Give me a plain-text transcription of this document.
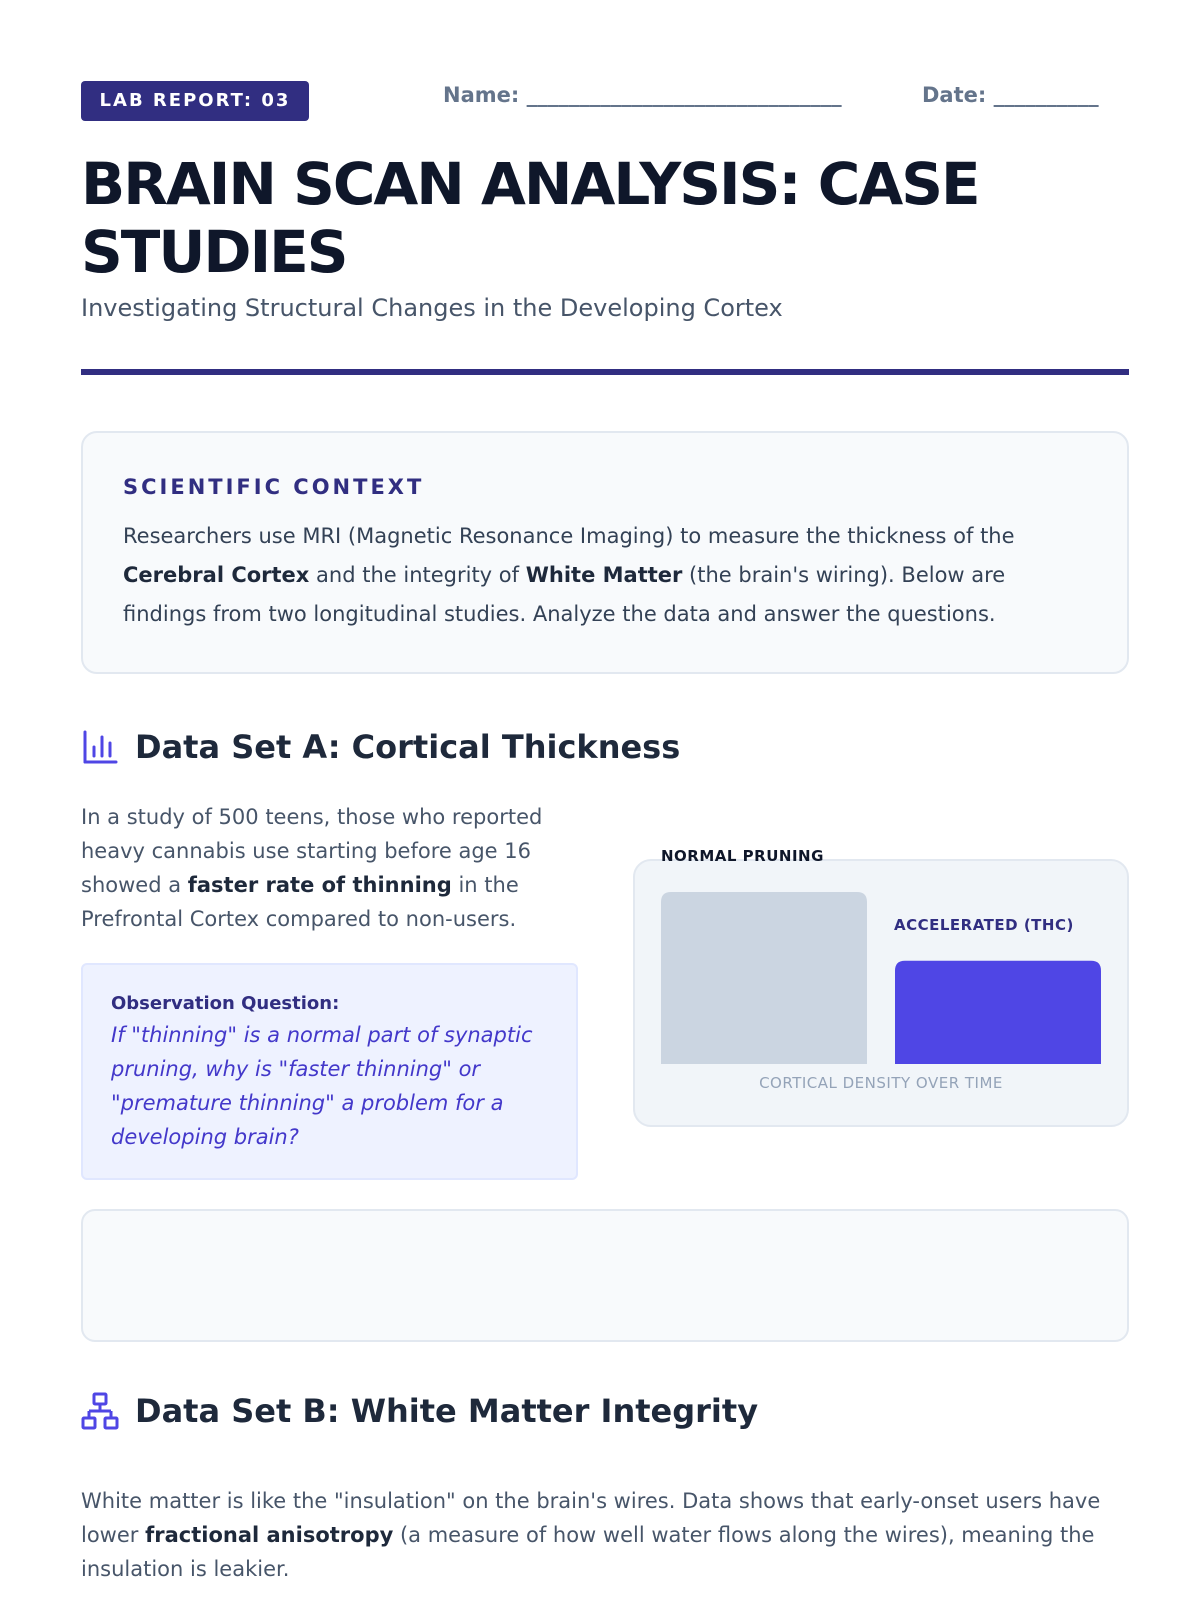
LAB REPORT: 03	Name: ______________________________	Date: __________
BRAIN SCAN ANALYSIS: CASE STUDIES
Investigating Structural Changes in the Developing Cortex
SCIENTIFIC CONTEXT

Researchers use MRI (Magnetic Resonance Imaging) to measure the thickness of the Cerebral Cortex and the integrity of White Matter (the brain's wiring). Below are findings from two longitudinal studies. Analyze the data and answer the questions.

Data Set A: Cortical Thickness

In a study of 500 teens, those who reported heavy cannabis use starting before age 16 showed a faster rate of thinning in the Prefrontal Cortex compared to non-users.

Observation Question:
If "thinning" is a normal part of synaptic pruning, why is "faster thinning" or "premature thinning" a problem for a developing brain?
NORMAL PRUNING
ACCELERATED (THC)
CORTICAL DENSITY OVER TIME
Data Set B: White Matter Integrity

White matter is like the "insulation" on the brain's wires. Data shows that early-onset users have lower fractional anisotropy (a measure of how well water flows along the wires), meaning the insulation is leakier.
